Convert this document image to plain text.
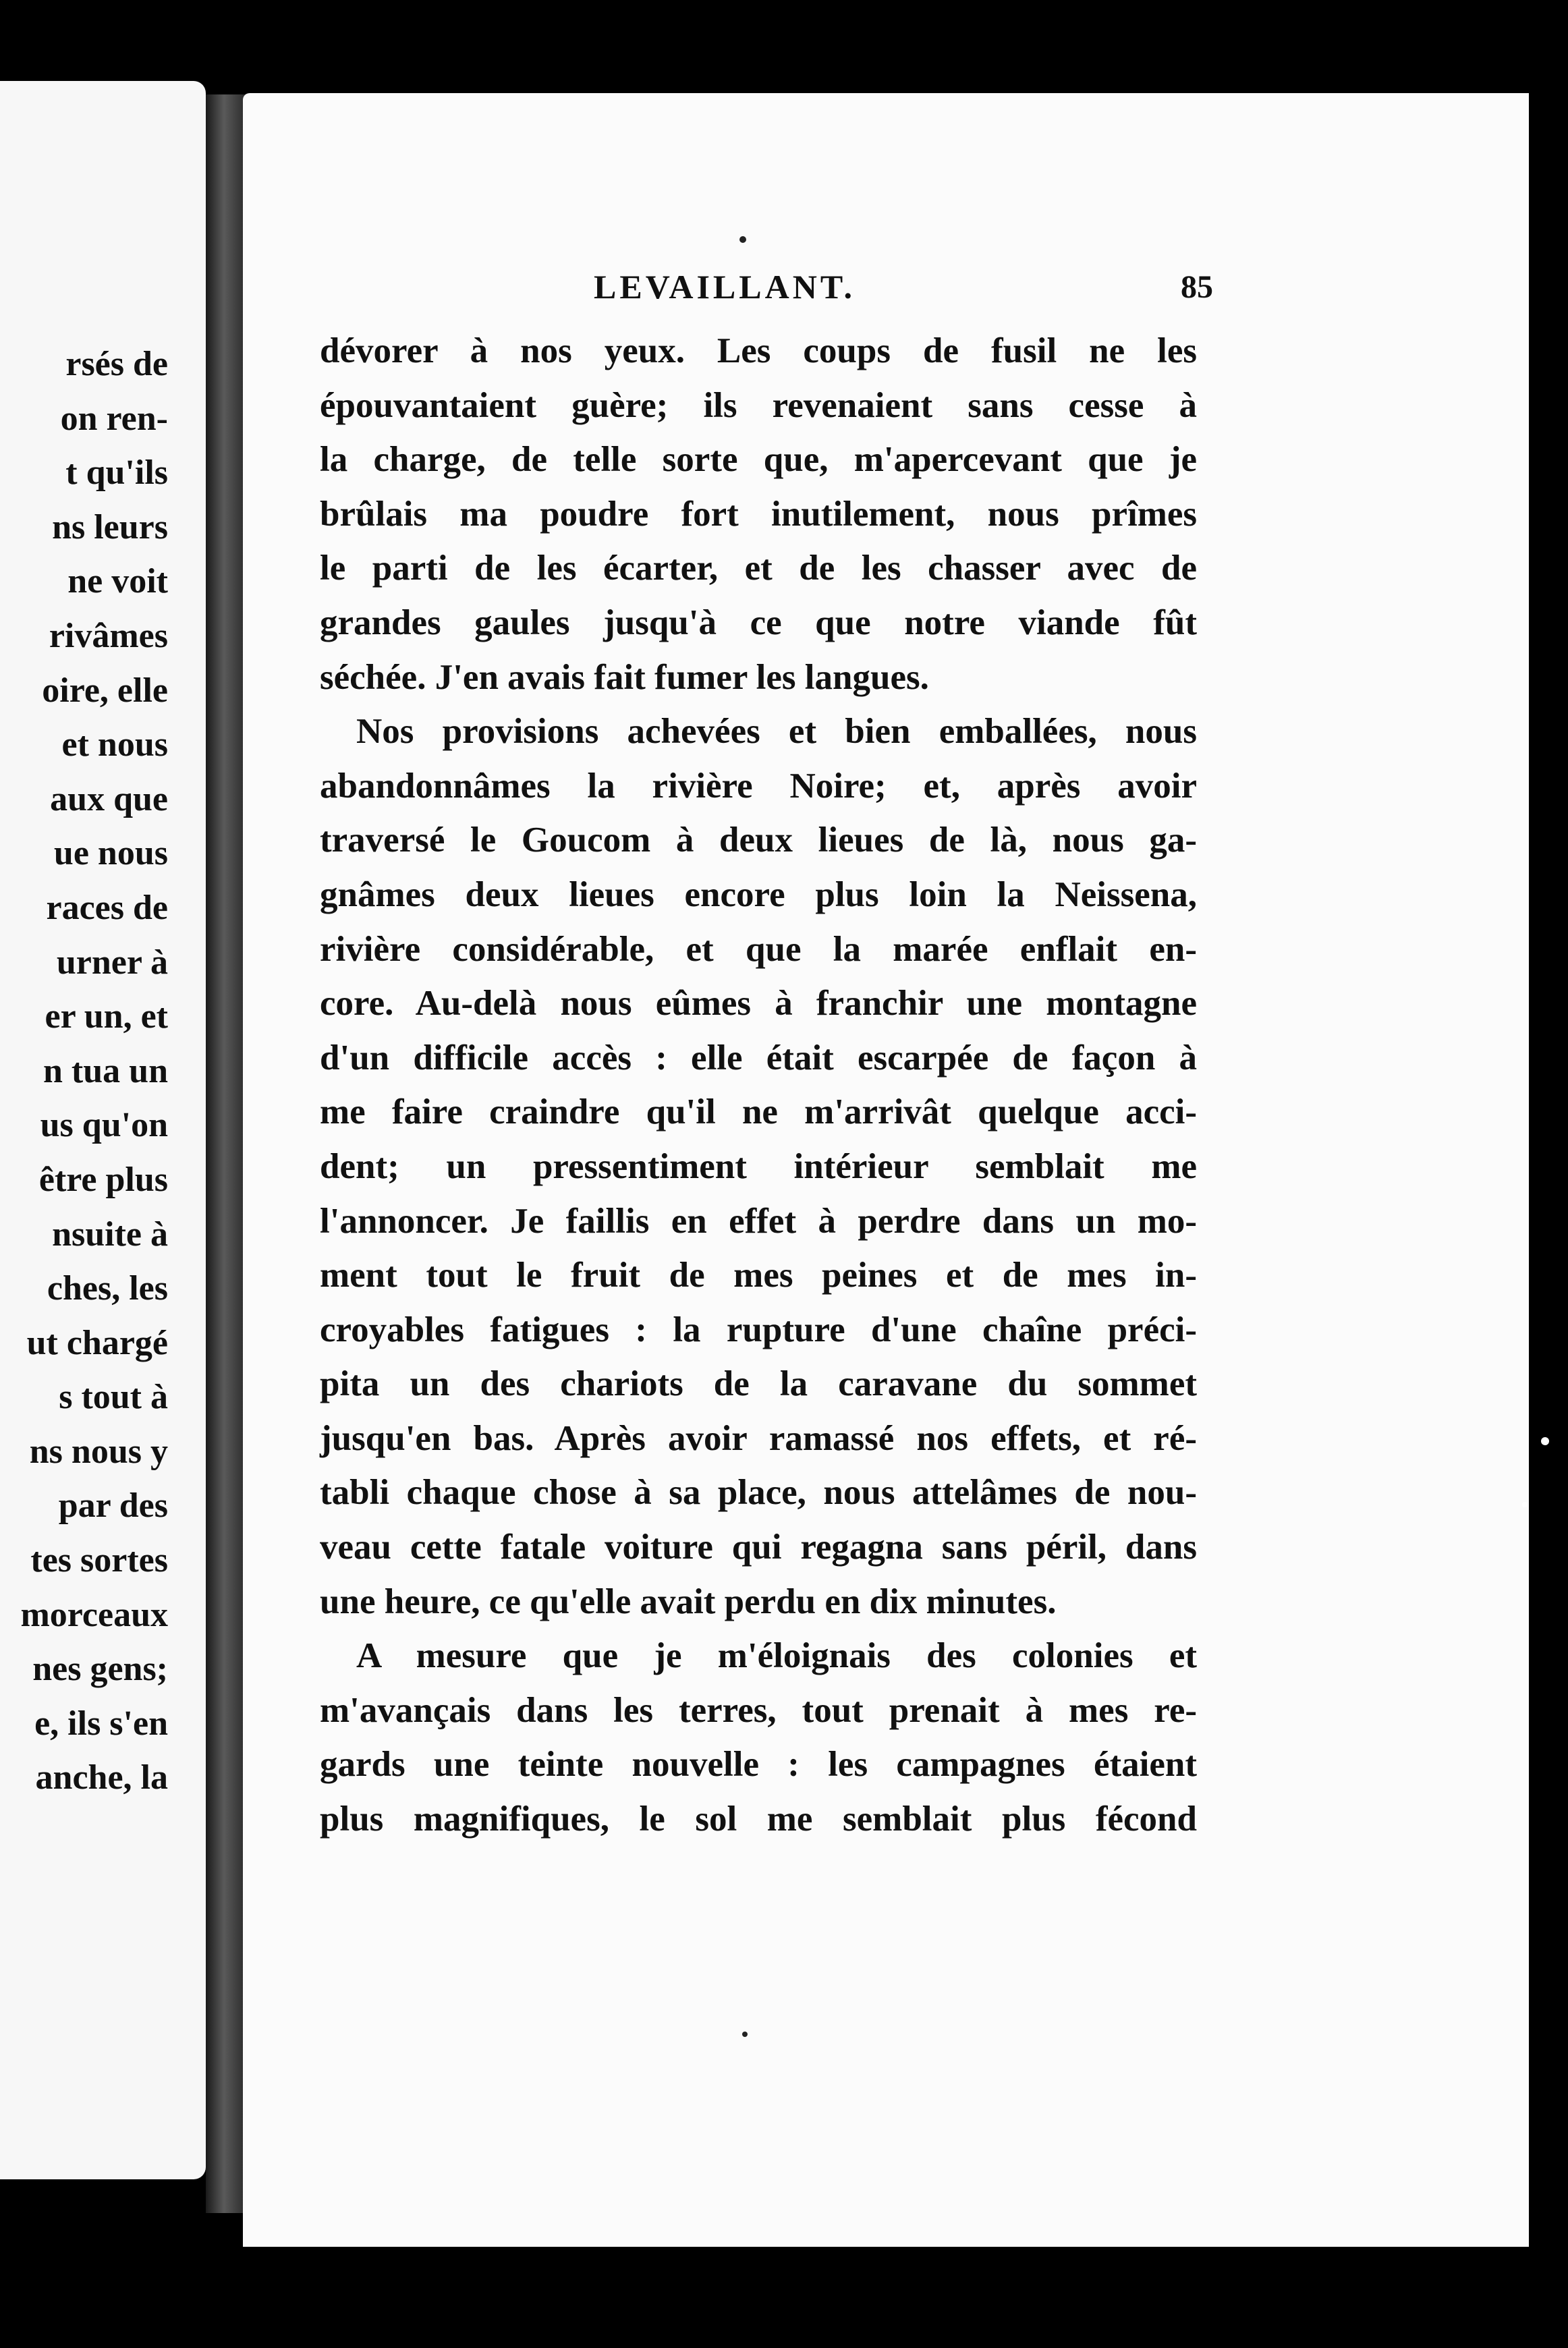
rsés de
on ren-
t qu'ils
ns leurs
ne voit
rivâmes
oire, elle
et nous
aux que
ue nous
races de
urner à
er un, et
n tua un
us qu'on
être plus
nsuite à
ches, les
ut chargé
s tout à
ns nous y
par des
tes sortes
morceaux
nes gens;
e, ils s'en
anche, la
LEVAILLANT.	85
dévorer à nos yeux. Les coups de fusil ne les
épouvantaient guère; ils revenaient sans cesse à
la charge, de telle sorte que, m'apercevant que je
brûlais ma poudre fort inutilement, nous prîmes
le parti de les écarter, et de les chasser avec de
grandes gaules jusqu'à ce que notre viande fût
séchée. J'en avais fait fumer les langues.
Nos provisions achevées et bien emballées, nous
abandonnâmes la rivière Noire; et, après avoir
traversé le Goucom à deux lieues de là, nous ga-
gnâmes deux lieues encore plus loin la Neissena,
rivière considérable, et que la marée enflait en-
core. Au-delà nous eûmes à franchir une montagne
d'un difficile accès : elle était escarpée de façon à
me faire craindre qu'il ne m'arrivât quelque acci-
dent; un pressentiment intérieur semblait me
l'annoncer. Je faillis en effet à perdre dans un mo-
ment tout le fruit de mes peines et de mes in-
croyables fatigues : la rupture d'une chaîne préci-
pita un des chariots de la caravane du sommet
jusqu'en bas. Après avoir ramassé nos effets, et ré-
tabli chaque chose à sa place, nous attelâmes de nou-
veau cette fatale voiture qui regagna sans péril, dans
une heure, ce qu'elle avait perdu en dix minutes.
A mesure que je m'éloignais des colonies et
m'avançais dans les terres, tout prenait à mes re-
gards une teinte nouvelle : les campagnes étaient
plus magnifiques, le sol me semblait plus fécond
